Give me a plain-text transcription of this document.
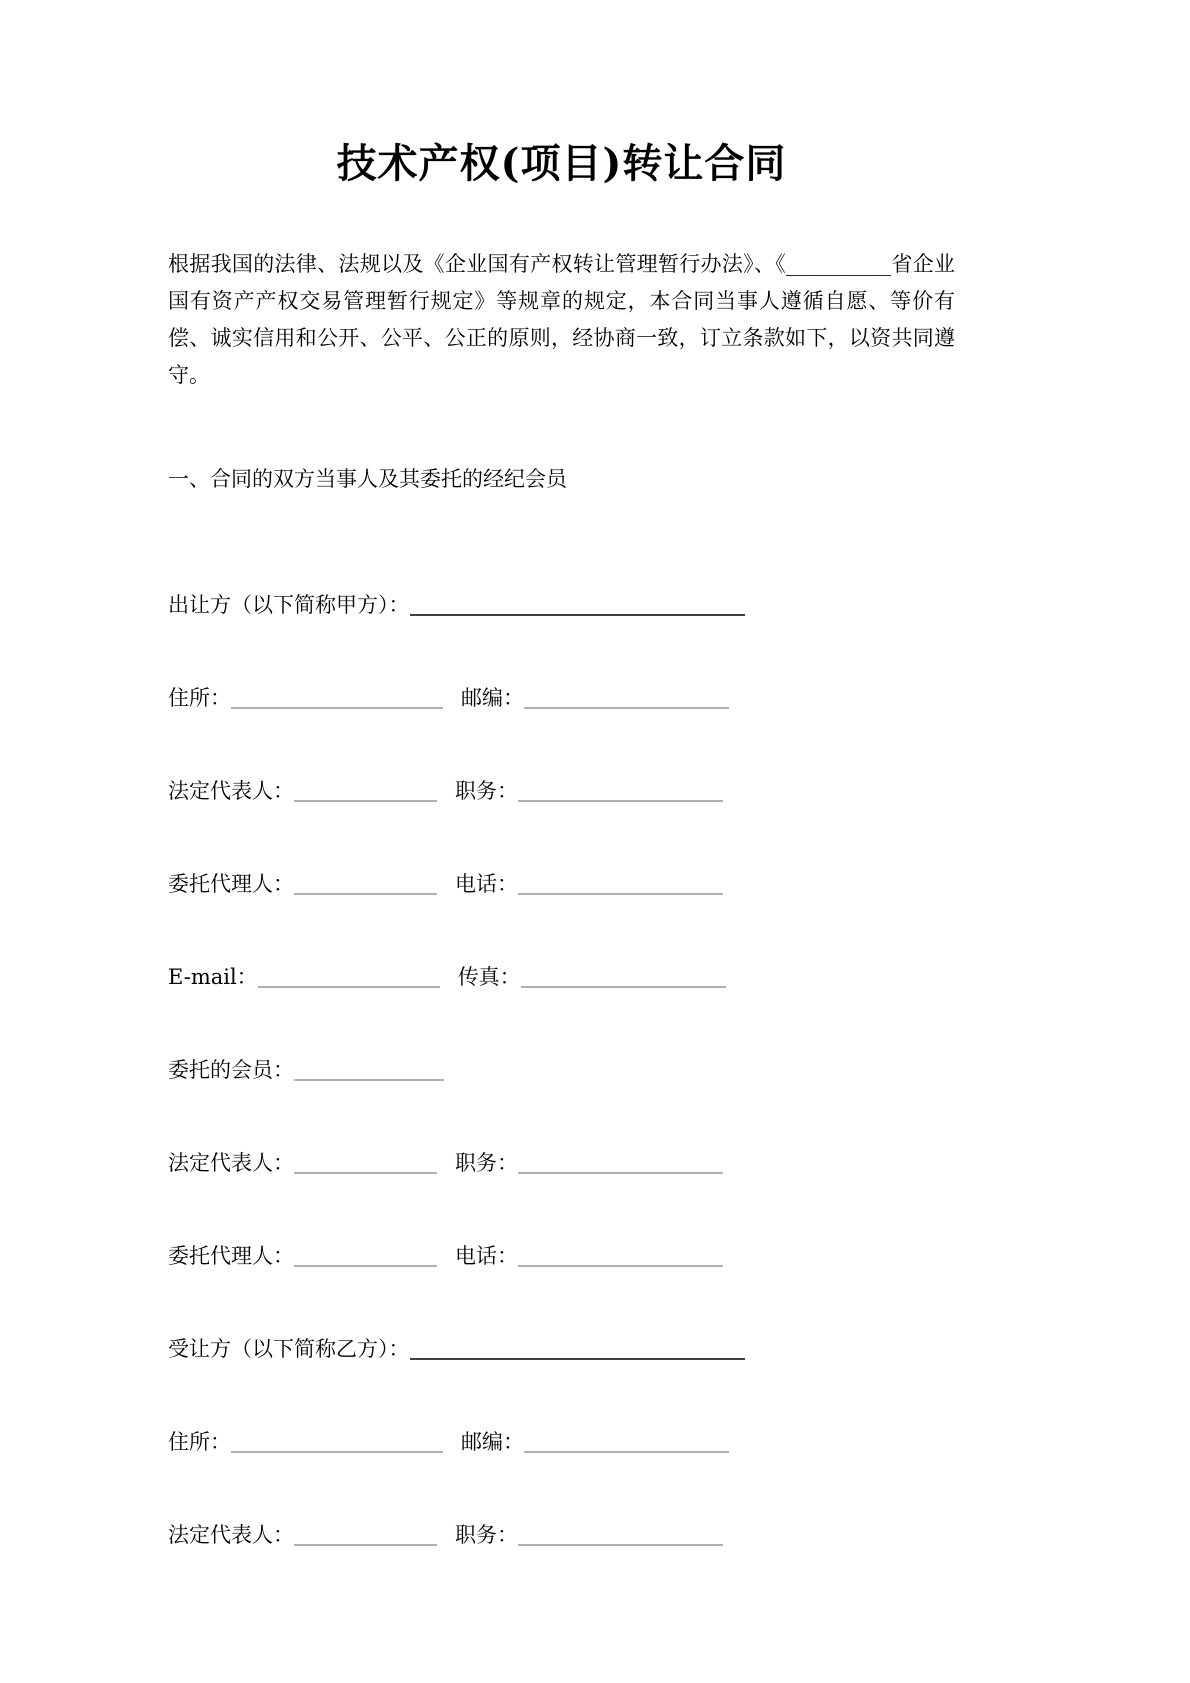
技术产权(项目)转让合同

根据我国的法律、法规以及《企业国有产权转让管理暂行办法》、《__________省企业国有资产产权交易管理暂行规定》等规章的规定，本合同当事人遵循自愿、等价有偿、诚实信用和公开、公平、公正的原则，经协商一致，订立条款如下，以资共同遵守。

一、合同的双方当事人及其委托的经纪会员
出让方（以下简称甲方）：
住所：	邮编：
法定代表人：	职务：
委托代理人：	电话：
E-mail：	传真：
委托的会员：
法定代表人：	职务：
委托代理人：	电话：
受让方（以下简称乙方）：
住所：	邮编：
法定代表人：	职务：
